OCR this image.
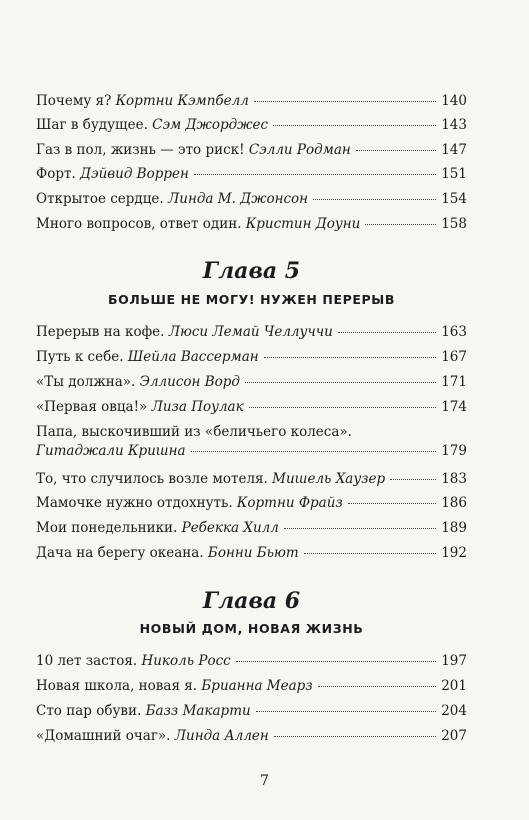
Почему я? Кортни Кэмпбелл	140
Шаг в будущее. Сэм Джорджес	143
Газ в пол, жизнь — это риск! Сэлли Родман	147
Форт. Дэйвид Воррен	151
Открытое сердце. Линда М. Джонсон	154
Много вопросов, ответ один. Кристин Доуни	158
Глава 5
БОЛЬШЕ НЕ МОГУ! НУЖЕН ПЕРЕРЫВ
Перерыв на кофе. Люси Лемай Челлуччи	163
Путь к себе. Шейла Вассерман	167
«Ты должна». Эллисон Ворд	171
«Первая овца!» Лиза Поулак	174
Папа, выскочивший из «беличьего колеса».
Гитаджали Кришна	179
То, что случилось возле мотеля. Мишель Хаузер	183
Мамочке нужно отдохнуть. Кортни Фрайз	186
Мои понедельники. Ребекка Хилл	189
Дача на берегу океана. Бонни Бьют	192
Глава 6
НОВЫЙ ДОМ, НОВАЯ ЖИЗНЬ
10 лет застоя. Николь Росс	197
Новая школа, новая я. Брианна Меарз	201
Сто пар обуви. Базз Макарти	204
«Домашний очаг». Линда Аллен	207
7
